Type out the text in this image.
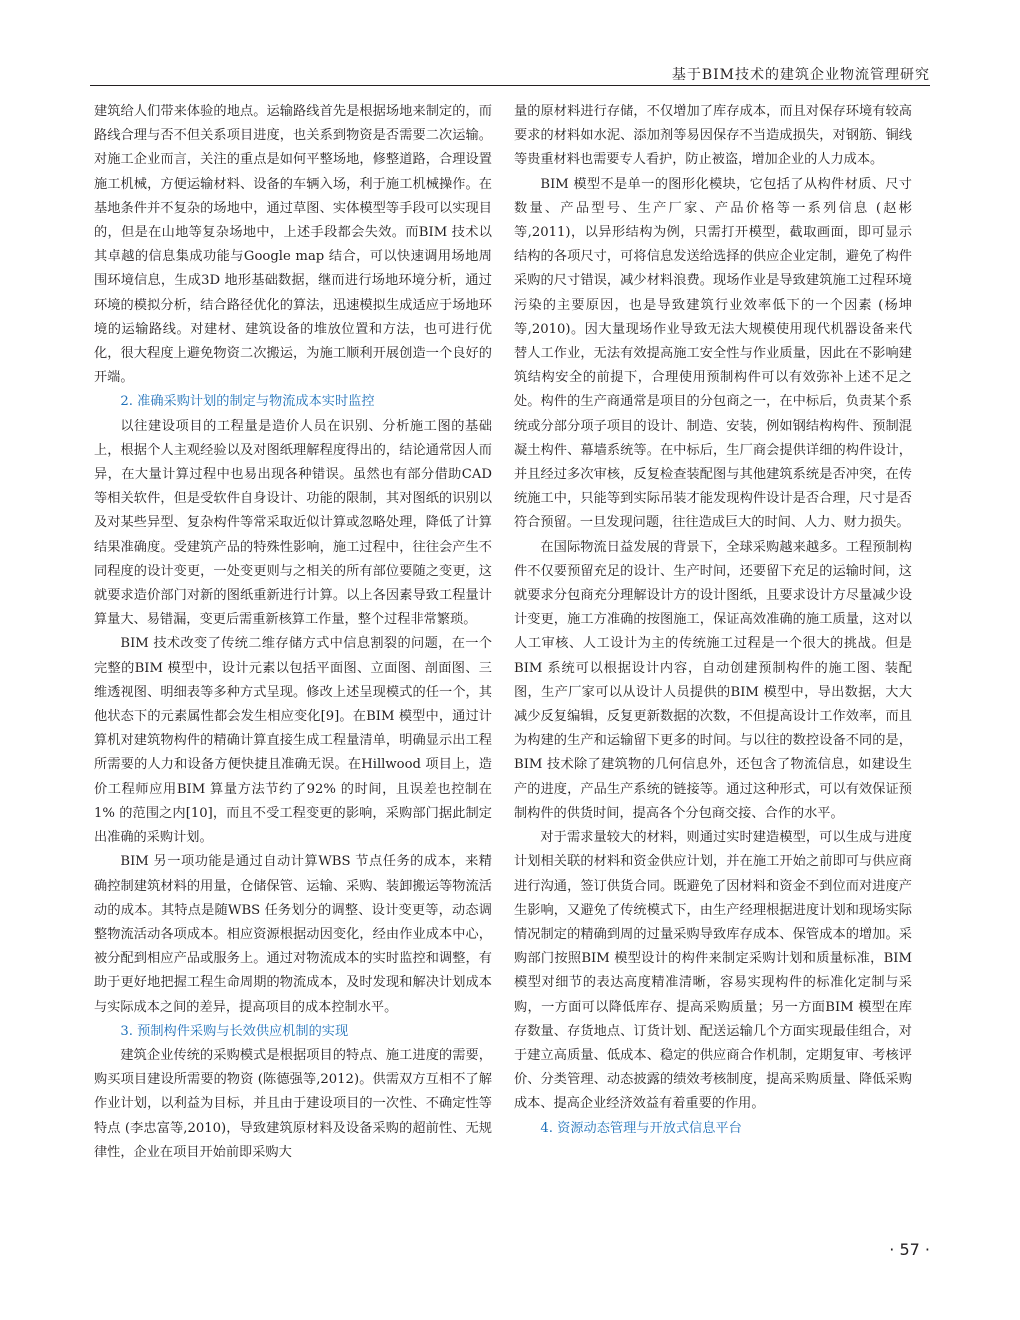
基于BIM技术的建筑企业物流管理研究

建筑给人们带来体验的地点。运输路线首先是根据场地来制定的，而路线合理与否不但关系项目进度，也关系到物资是否需要二次运输。对施工企业而言，关注的重点是如何平整场地，修整道路，合理设置施工机械，方便运输材料、设备的车辆入场，利于施工机械操作。在基地条件并不复杂的场地中，通过草图、实体模型等手段可以实现目的，但是在山地等复杂场地中，上述手段都会失效。而BIM 技术以其卓越的信息集成功能与Google map 结合，可以快速调用场地周围环境信息，生成3D 地形基础数据，继而进行场地环境分析，通过环境的模拟分析，结合路径优化的算法，迅速模拟生成适应于场地环境的运输路线。对建材、建筑设备的堆放位置和方法，也可进行优化，很大程度上避免物资二次搬运，为施工顺利开展创造一个良好的开端。

2. 准确采购计划的制定与物流成本实时监控

以往建设项目的工程量是造价人员在识别、分析施工图的基础上，根据个人主观经验以及对图纸理解程度得出的，结论通常因人而异，在大量计算过程中也易出现各种错误。虽然也有部分借助CAD 等相关软件，但是受软件自身设计、功能的限制，其对图纸的识别以及对某些异型、复杂构件等常采取近似计算或忽略处理，降低了计算结果准确度。受建筑产品的特殊性影响，施工过程中，往往会产生不同程度的设计变更，一处变更则与之相关的所有部位要随之变更，这就要求造价部门对新的图纸重新进行计算。以上各因素导致工程量计算量大、易错漏，变更后需重新核算工作量，整个过程非常繁琐。

BIM 技术改变了传统二维存储方式中信息割裂的问题，在一个完整的BIM 模型中，设计元素以包括平面图、立面图、剖面图、三维透视图、明细表等多种方式呈现。修改上述呈现模式的任一个，其他状态下的元素属性都会发生相应变化[9]。在BIM 模型中，通过计算机对建筑物构件的精确计算直接生成工程量清单，明确显示出工程所需要的人力和设备方便快捷且准确无误。在Hillwood 项目上，造价工程师应用BIM 算量方法节约了92% 的时间，且误差也控制在1% 的范围之内[10]，而且不受工程变更的影响，采购部门据此制定出准确的采购计划。

BIM 另一项功能是通过自动计算WBS 节点任务的成本，来精确控制建筑材料的用量，仓储保管、运输、采购、装卸搬运等物流活动的成本。其特点是随WBS 任务划分的调整、设计变更等，动态调整物流活动各项成本。相应资源根据动因变化，经由作业成本中心，被分配到相应产品或服务上。通过对物流成本的实时监控和调整，有助于更好地把握工程生命周期的物流成本，及时发现和解决计划成本与实际成本之间的差异，提高项目的成本控制水平。

3. 预制构件采购与长效供应机制的实现

建筑企业传统的采购模式是根据项目的特点、施工进度的需要，购买项目建设所需要的物资 (陈德强等,2012)。供需双方互相不了解作业计划，以利益为目标，并且由于建设项目的一次性、不确定性等特点 (李忠富等,2010)，导致建筑原材料及设备采购的超前性、无规律性，企业在项目开始前即采购大

量的原材料进行存储，不仅增加了库存成本，而且对保存环境有较高要求的材料如水泥、添加剂等易因保存不当造成损失，对钢筋、铜线等贵重材料也需要专人看护，防止被盗，增加企业的人力成本。

BIM 模型不是单一的图形化模块，它包括了从构件材质、尺寸数量、产品型号、生产厂家、产品价格等一系列信息 (赵彬等,2011)，以异形结构为例，只需打开模型，截取画面，即可显示结构的各项尺寸，可将信息发送给选择的供应企业定制，避免了构件采购的尺寸错误，减少材料浪费。现场作业是导致建筑施工过程环境污染的主要原因，也是导致建筑行业效率低下的一个因素 (杨坤等,2010)。因大量现场作业导致无法大规模使用现代机器设备来代替人工作业，无法有效提高施工安全性与作业质量，因此在不影响建筑结构安全的前提下，合理使用预制构件可以有效弥补上述不足之处。构件的生产商通常是项目的分包商之一，在中标后，负责某个系统或分部分项子项目的设计、制造、安装，例如钢结构构件、预制混凝土构件、幕墙系统等。在中标后，生厂商会提供详细的构件设计，并且经过多次审核，反复检查装配图与其他建筑系统是否冲突，在传统施工中，只能等到实际吊装才能发现构件设计是否合理，尺寸是否符合预留。一旦发现问题，往往造成巨大的时间、人力、财力损失。

在国际物流日益发展的背景下，全球采购越来越多。工程预制构件不仅要预留充足的设计、生产时间，还要留下充足的运输时间，这就要求分包商充分理解设计方的设计图纸，且要求设计方尽量减少设计变更，施工方准确的按图施工，保证高效准确的施工质量，这对以人工审核、人工设计为主的传统施工过程是一个很大的挑战。但是BIM 系统可以根据设计内容，自动创建预制构件的施工图、装配图，生产厂家可以从设计人员提供的BIM 模型中，导出数据，大大减少反复编辑，反复更新数据的次数，不但提高设计工作效率，而且为构建的生产和运输留下更多的时间。与以往的数控设备不同的是，BIM 技术除了建筑物的几何信息外，还包含了物流信息，如建设生产的进度，产品生产系统的链接等。通过这种形式，可以有效保证预制构件的供货时间，提高各个分包商交接、合作的水平。

对于需求量较大的材料，则通过实时建造模型，可以生成与进度计划相关联的材料和资金供应计划，并在施工开始之前即可与供应商进行沟通，签订供货合同。既避免了因材料和资金不到位而对进度产生影响，又避免了传统模式下，由生产经理根据进度计划和现场实际情况制定的精确到周的过量采购导致库存成本、保管成本的增加。采购部门按照BIM 模型设计的构件来制定采购计划和质量标准，BIM 模型对细节的表达高度精准清晰，容易实现构件的标准化定制与采购，一方面可以降低库存、提高采购质量；另一方面BIM 模型在库存数量、存货地点、订货计划、配送运输几个方面实现最佳组合，对于建立高质量、低成本、稳定的供应商合作机制，定期复审、考核评价、分类管理、动态披露的绩效考核制度，提高采购质量、降低采购成本、提高企业经济效益有着重要的作用。

4. 资源动态管理与开放式信息平台
· 57 ·
